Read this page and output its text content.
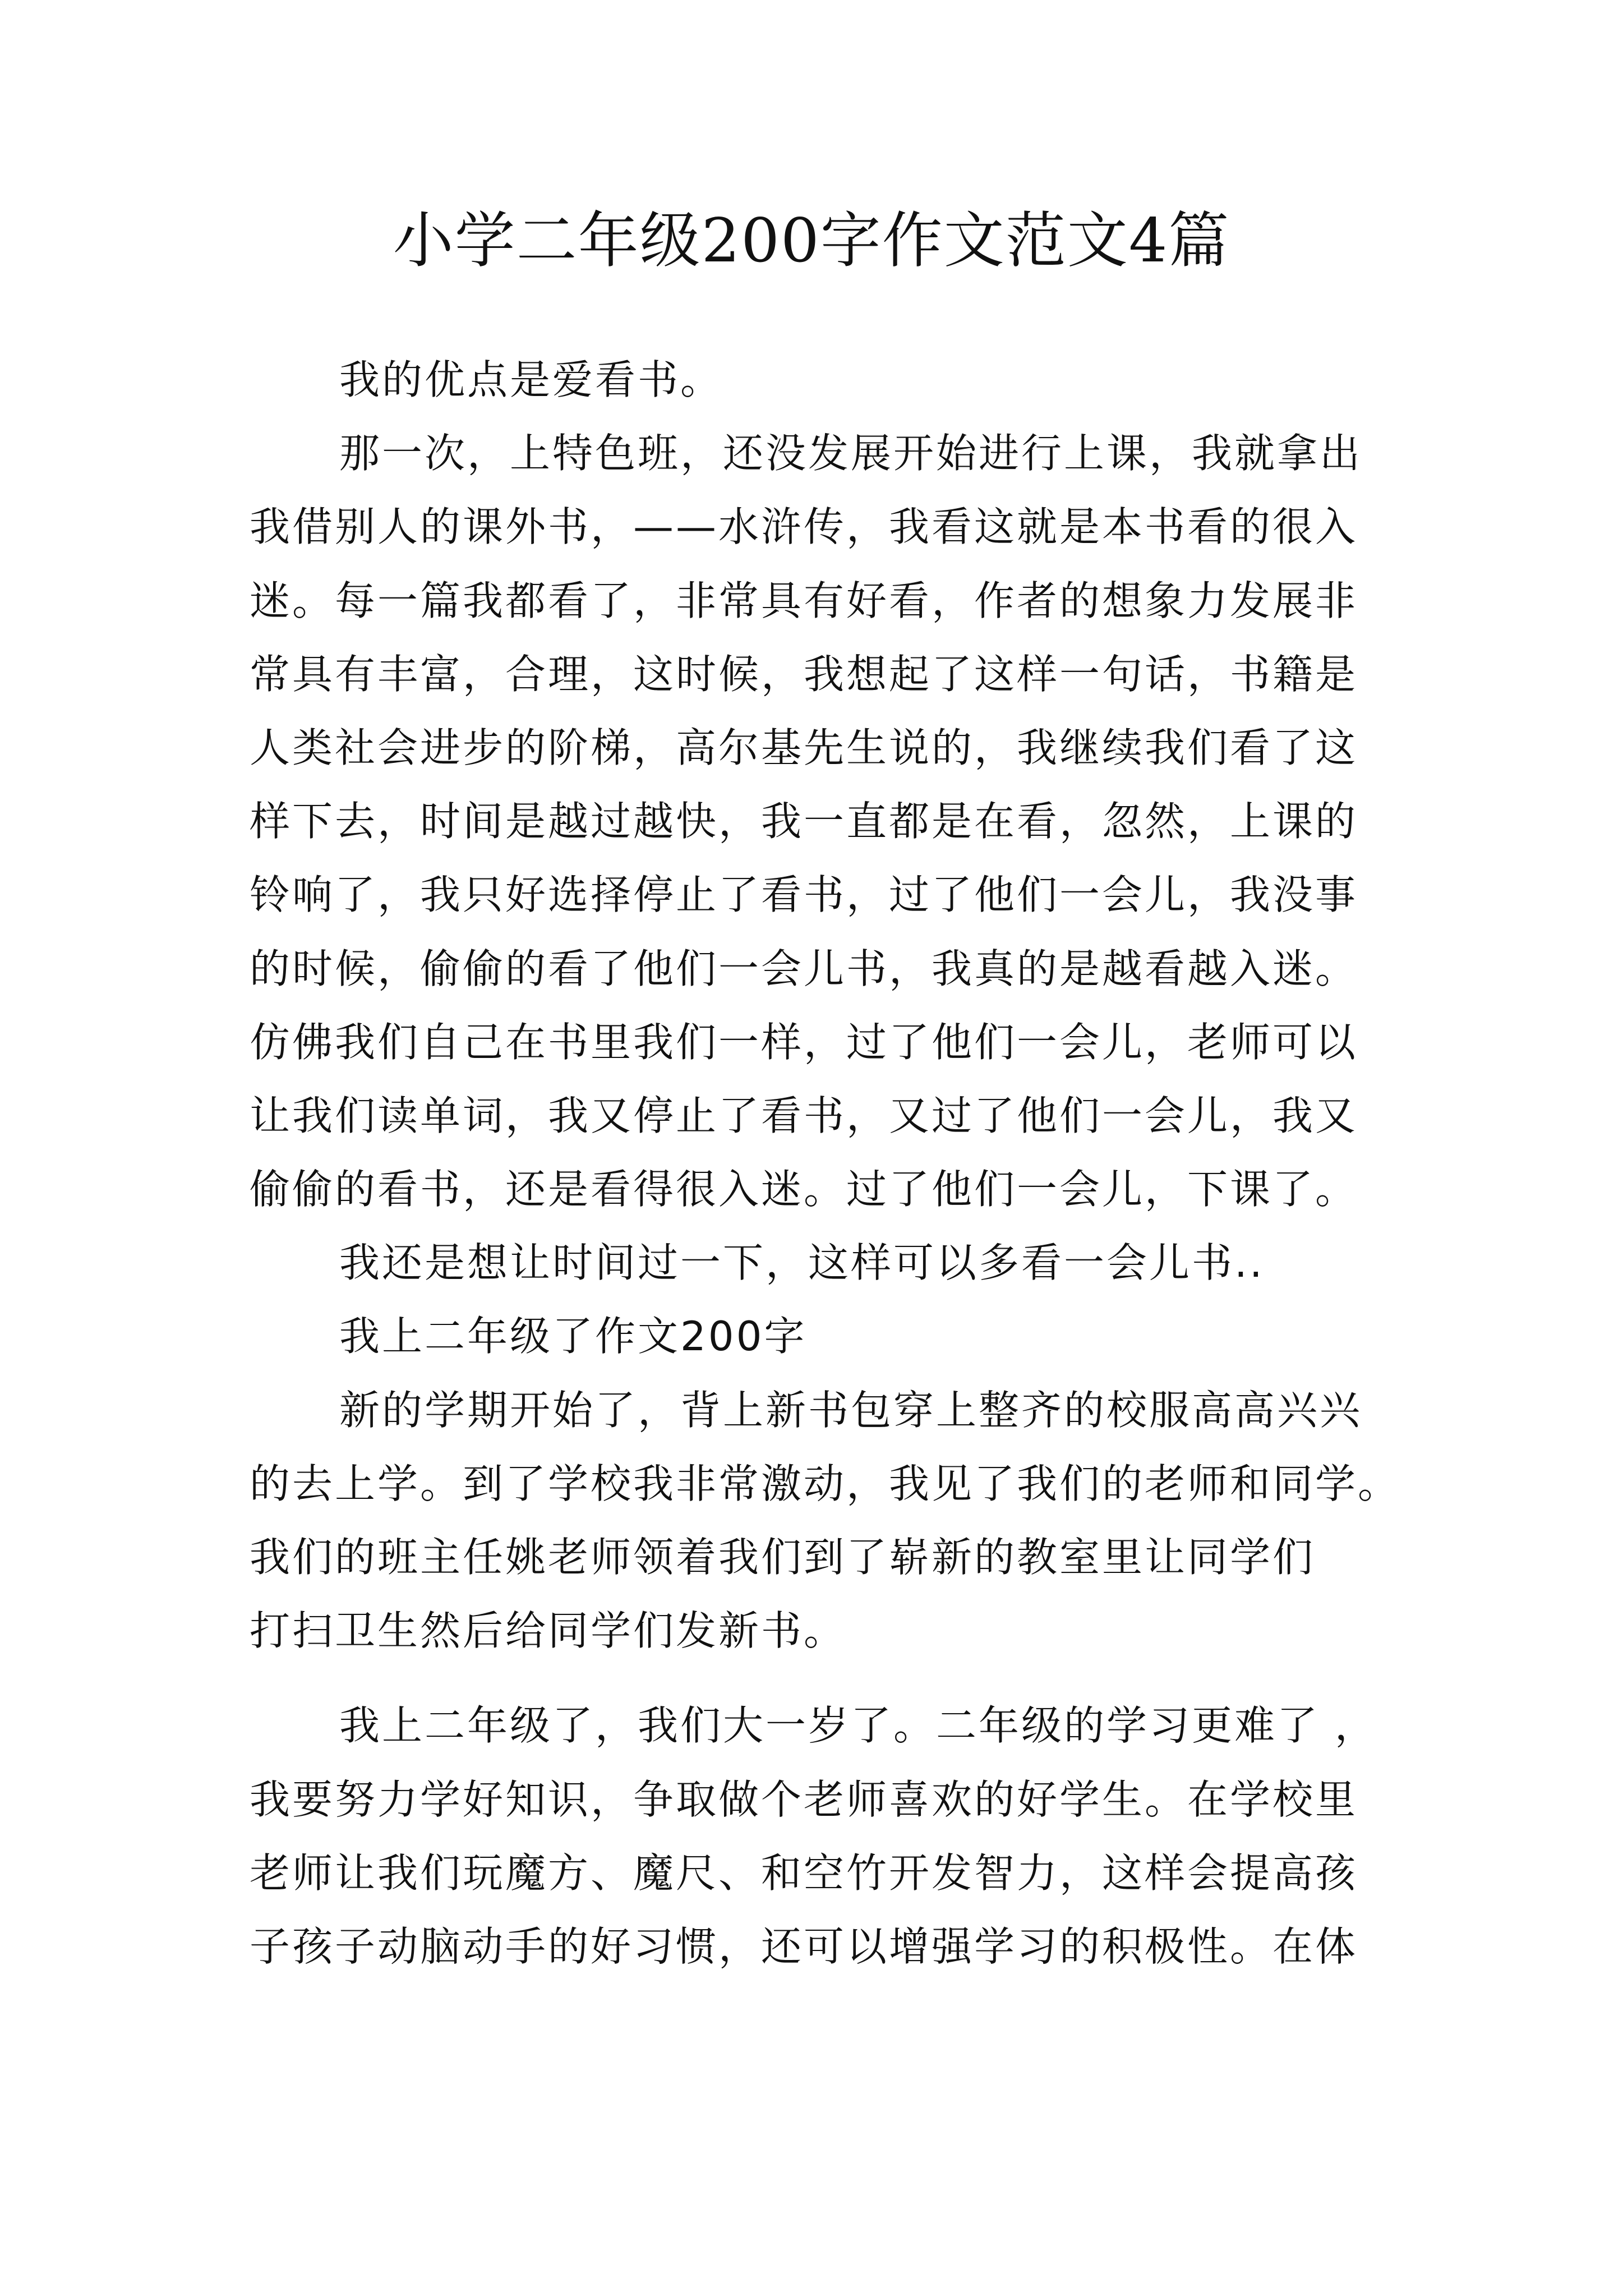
小学二年级200字作文范文4篇
我的优点是爱看书。
那一次，上特色班，还没发展开始进行上课，我就拿出
我借别人的课外书，——水浒传，我看这就是本书看的很入
迷。每一篇我都看了，非常具有好看，作者的想象力发展非
常具有丰富，合理，这时候，我想起了这样一句话，书籍是
人类社会进步的阶梯，高尔基先生说的，我继续我们看了这
样下去，时间是越过越快，我一直都是在看，忽然，上课的
铃响了，我只好选择停止了看书，过了他们一会儿，我没事
的时候，偷偷的看了他们一会儿书，我真的是越看越入迷。
仿佛我们自己在书里我们一样，过了他们一会儿，老师可以
让我们读单词，我又停止了看书，又过了他们一会儿，我又
偷偷的看书，还是看得很入迷。过了他们一会儿，下课了。
我还是想让时间过一下，这样可以多看一会儿书..
我上二年级了作文200字
新的学期开始了，背上新书包穿上整齐的校服高高兴兴
的去上学。到了学校我非常激动，我见了我们的老师和同学。
我们的班主任姚老师领着我们到了崭新的教室里让同学们
打扫卫生然后给同学们发新书。
我上二年级了，我们大一岁了。二年级的学习更难了 ，
我要努力学好知识，争取做个老师喜欢的好学生。在学校里
老师让我们玩魔方、魔尺、和空竹开发智力，这样会提高孩
子孩子动脑动手的好习惯，还可以增强学习的积极性。在体
